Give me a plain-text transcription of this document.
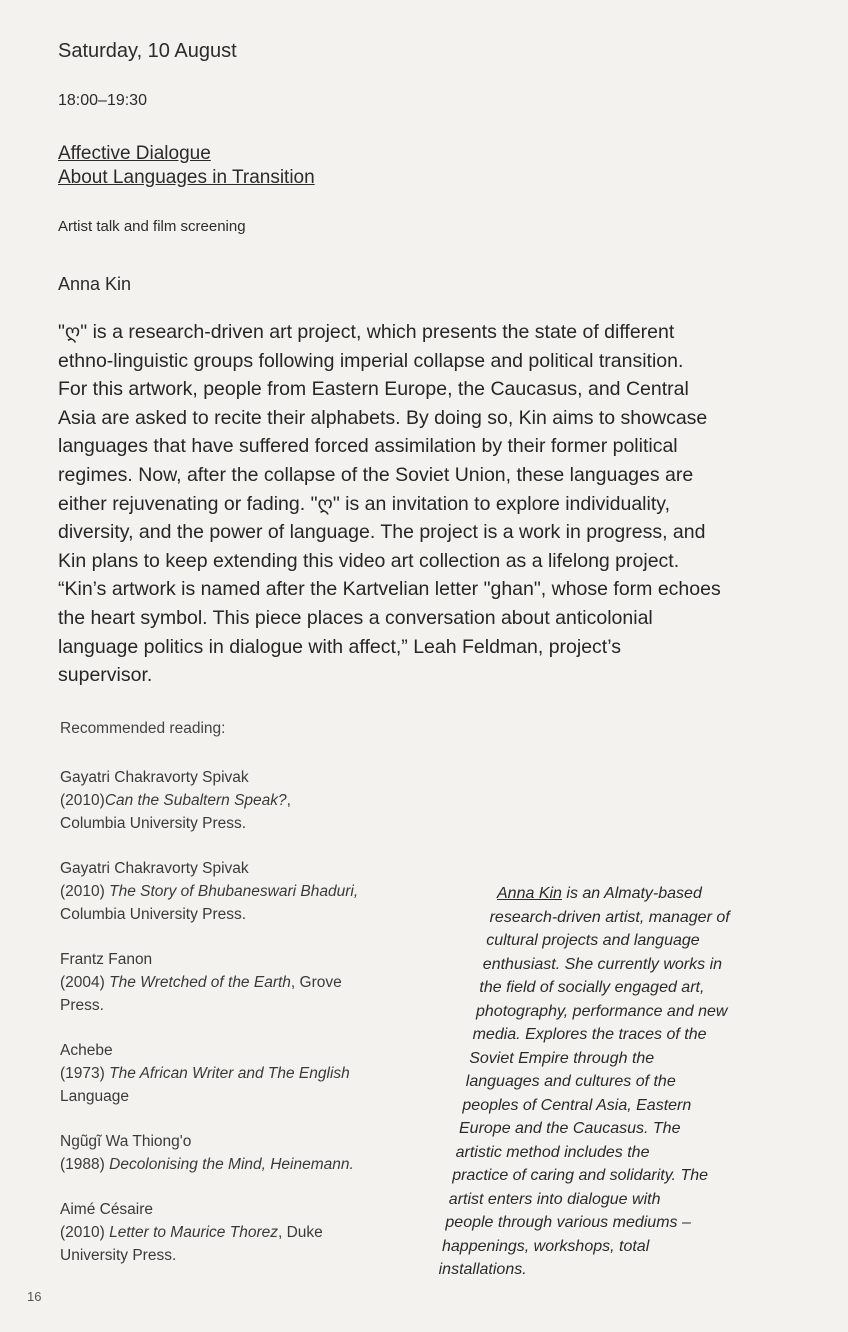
Saturday, 10 August
18:00–19:30
Affective Dialogue
About Languages in Transition
Artist talk and film screening
Anna Kin
"ღ" is a research-driven art project, which presents the state of different
ethno-linguistic groups following imperial collapse and political transition.
For this artwork, people from Eastern Europe, the Caucasus, and Central
Asia are asked to recite their alphabets. By doing so, Kin aims to showcase
languages that have suffered forced assimilation by their former political
regimes. Now, after the collapse of the Soviet Union, these languages are
either rejuvenating or fading. "ღ" is an invitation to explore individuality,
diversity, and the power of language. The project is a work in progress, and
Kin plans to keep extending this video art collection as a lifelong project.
“Kin’s artwork is named after the Kartvelian letter "ghan", whose form echoes
the heart symbol. This piece places a conversation about anticolonial
language politics in dialogue with affect,” Leah Feldman, project’s
supervisor.
Recommended reading:
Gayatri Chakravorty Spivak
(2010)Can the Subaltern Speak?,
Columbia University Press.
Gayatri Chakravorty Spivak
(2010) The Story of Bhubaneswari Bhaduri,
Columbia University Press.
Frantz Fanon
(2004) The Wretched of the Earth, Grove
Press.
Achebe
(1973) The African Writer and The English
Language
Ngũgĩ Wa Thiong'o
(1988) Decolonising the Mind, Heinemann.
Aimé Césaire
(2010) Letter to Maurice Thorez, Duke
University Press.
Anna Kin is an Almaty-based
research-driven artist, manager of
cultural projects and language
enthusiast. She currently works in
the field of socially engaged art,
photography, performance and new
media. Explores the traces of the
Soviet Empire through the
languages and cultures of the
peoples of Central Asia, Eastern
Europe and the Caucasus. The
artistic method includes the
practice of caring and solidarity. The
artist enters into dialogue with
people through various mediums –
happenings, workshops, total
installations.
16
